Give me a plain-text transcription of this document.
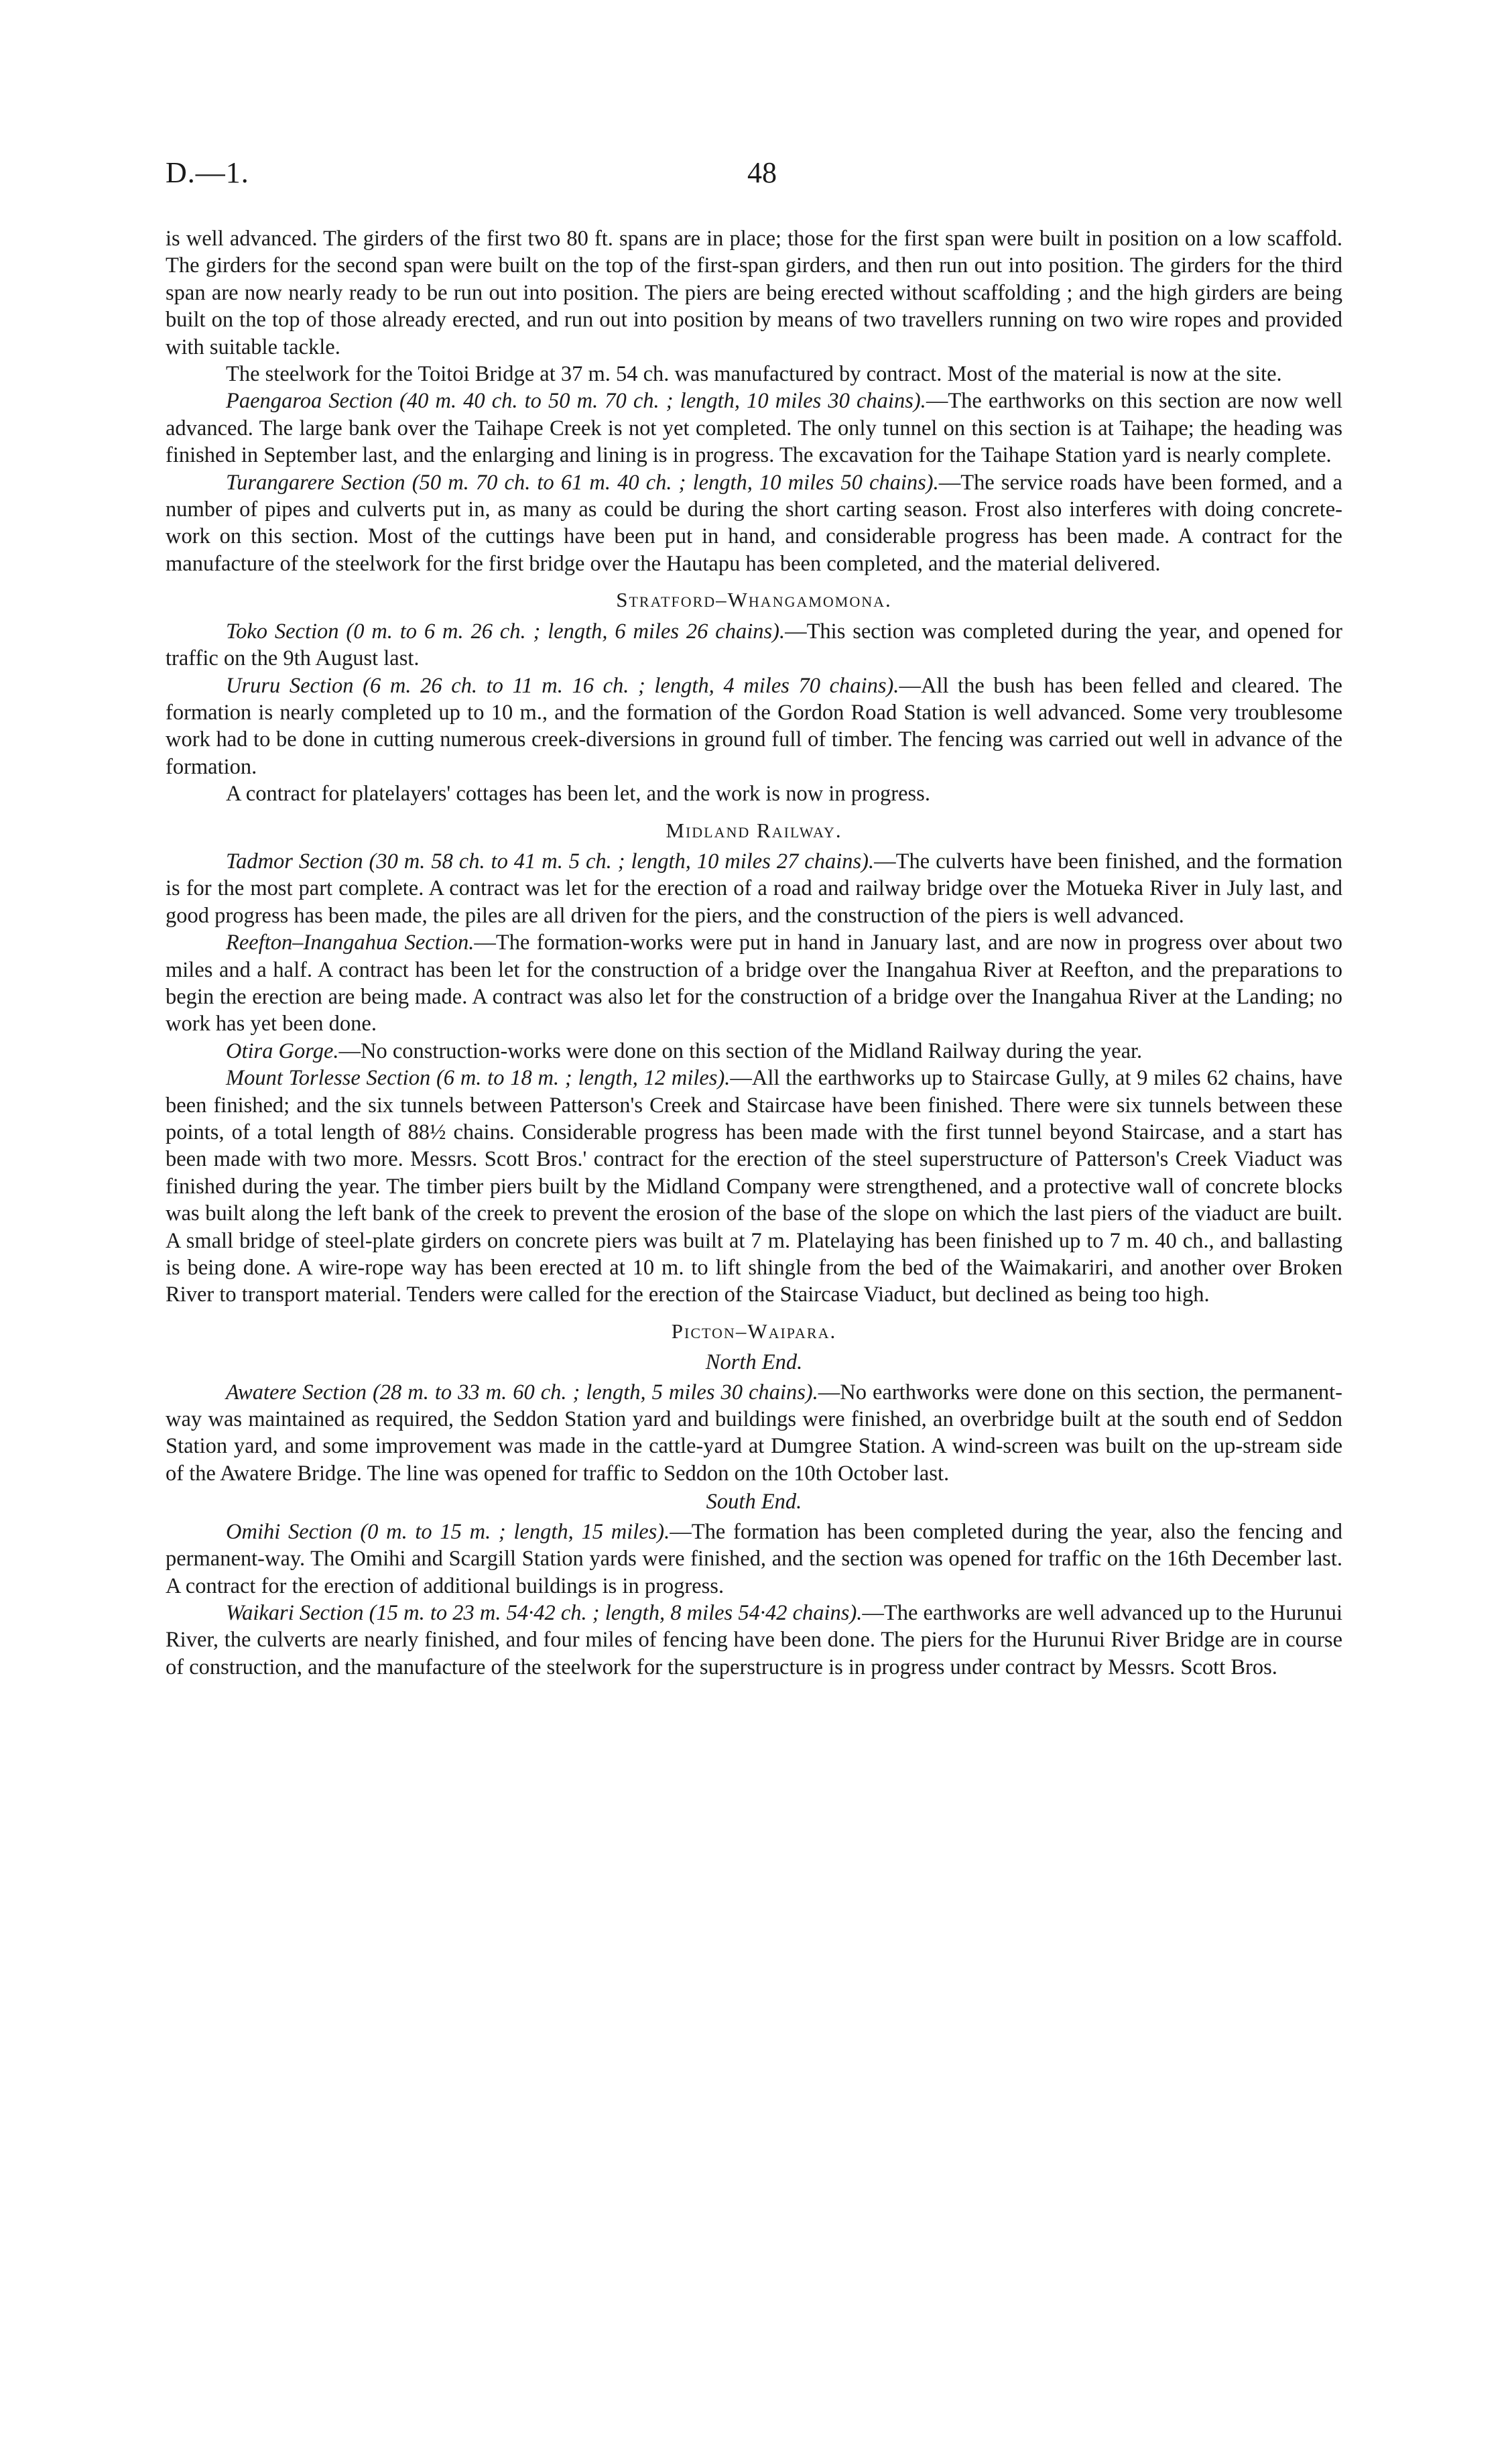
D.—1.	48

is well advanced. The girders of the first two 80 ft. spans are in place; those for the first span were built in position on a low scaffold. The girders for the second span were built on the top of the first-span girders, and then run out into position. The girders for the third span are now nearly ready to be run out into position. The piers are being erected without scaffolding ; and the high girders are being built on the top of those already erected, and run out into position by means of two travellers running on two wire ropes and provided with suitable tackle.

The steelwork for the Toitoi Bridge at 37 m. 54 ch. was manufactured by contract. Most of the material is now at the site.

Paengaroa Section (40 m. 40 ch. to 50 m. 70 ch. ; length, 10 miles 30 chains).—The earthworks on this section are now well advanced. The large bank over the Taihape Creek is not yet completed. The only tunnel on this section is at Taihape; the heading was finished in September last, and the enlarging and lining is in progress. The excavation for the Taihape Station yard is nearly complete.

Turangarere Section (50 m. 70 ch. to 61 m. 40 ch. ; length, 10 miles 50 chains).—The service roads have been formed, and a number of pipes and culverts put in, as many as could be during the short carting season. Frost also interferes with doing concrete-work on this section. Most of the cuttings have been put in hand, and considerable progress has been made. A contract for the manufacture of the steelwork for the first bridge over the Hautapu has been completed, and the material delivered.

Stratford–Whangamomona.

Toko Section (0 m. to 6 m. 26 ch. ; length, 6 miles 26 chains).—This section was completed during the year, and opened for traffic on the 9th August last.

Ururu Section (6 m. 26 ch. to 11 m. 16 ch. ; length, 4 miles 70 chains).—All the bush has been felled and cleared. The formation is nearly completed up to 10 m., and the formation of the Gordon Road Station is well advanced. Some very troublesome work had to be done in cutting numerous creek-diversions in ground full of timber. The fencing was carried out well in advance of the formation.

A contract for platelayers' cottages has been let, and the work is now in progress.

Midland Railway.

Tadmor Section (30 m. 58 ch. to 41 m. 5 ch. ; length, 10 miles 27 chains).—The culverts have been finished, and the formation is for the most part complete. A contract was let for the erection of a road and railway bridge over the Motueka River in July last, and good progress has been made, the piles are all driven for the piers, and the construction of the piers is well advanced.

Reefton–Inangahua Section.—The formation-works were put in hand in January last, and are now in progress over about two miles and a half. A contract has been let for the construction of a bridge over the Inangahua River at Reefton, and the preparations to begin the erection are being made. A contract was also let for the construction of a bridge over the Inangahua River at the Landing; no work has yet been done.

Otira Gorge.—No construction-works were done on this section of the Midland Railway during the year.

Mount Torlesse Section (6 m. to 18 m. ; length, 12 miles).—All the earthworks up to Staircase Gully, at 9 miles 62 chains, have been finished; and the six tunnels between Patterson's Creek and Staircase have been finished. There were six tunnels between these points, of a total length of 88½ chains. Considerable progress has been made with the first tunnel beyond Staircase, and a start has been made with two more. Messrs. Scott Bros.' contract for the erection of the steel superstructure of Patterson's Creek Viaduct was finished during the year. The timber piers built by the Midland Company were strengthened, and a protective wall of concrete blocks was built along the left bank of the creek to prevent the erosion of the base of the slope on which the last piers of the viaduct are built. A small bridge of steel-plate girders on concrete piers was built at 7 m. Platelaying has been finished up to 7 m. 40 ch., and ballasting is being done. A wire-rope way has been erected at 10 m. to lift shingle from the bed of the Waimakariri, and another over Broken River to transport material. Tenders were called for the erection of the Staircase Viaduct, but declined as being too high.

Picton–Waipara.
North End.

Awatere Section (28 m. to 33 m. 60 ch. ; length, 5 miles 30 chains).—No earthworks were done on this section, the permanent-way was maintained as required, the Seddon Station yard and buildings were finished, an overbridge built at the south end of Seddon Station yard, and some improvement was made in the cattle-yard at Dumgree Station. A wind-screen was built on the up-stream side of the Awatere Bridge. The line was opened for traffic to Seddon on the 10th October last.

South End.

Omihi Section (0 m. to 15 m. ; length, 15 miles).—The formation has been completed during the year, also the fencing and permanent-way. The Omihi and Scargill Station yards were finished, and the section was opened for traffic on the 16th December last. A contract for the erection of additional buildings is in progress.

Waikari Section (15 m. to 23 m. 54·42 ch. ; length, 8 miles 54·42 chains).—The earthworks are well advanced up to the Hurunui River, the culverts are nearly finished, and four miles of fencing have been done. The piers for the Hurunui River Bridge are in course of construction, and the manufacture of the steelwork for the superstructure is in progress under contract by Messrs. Scott Bros.
